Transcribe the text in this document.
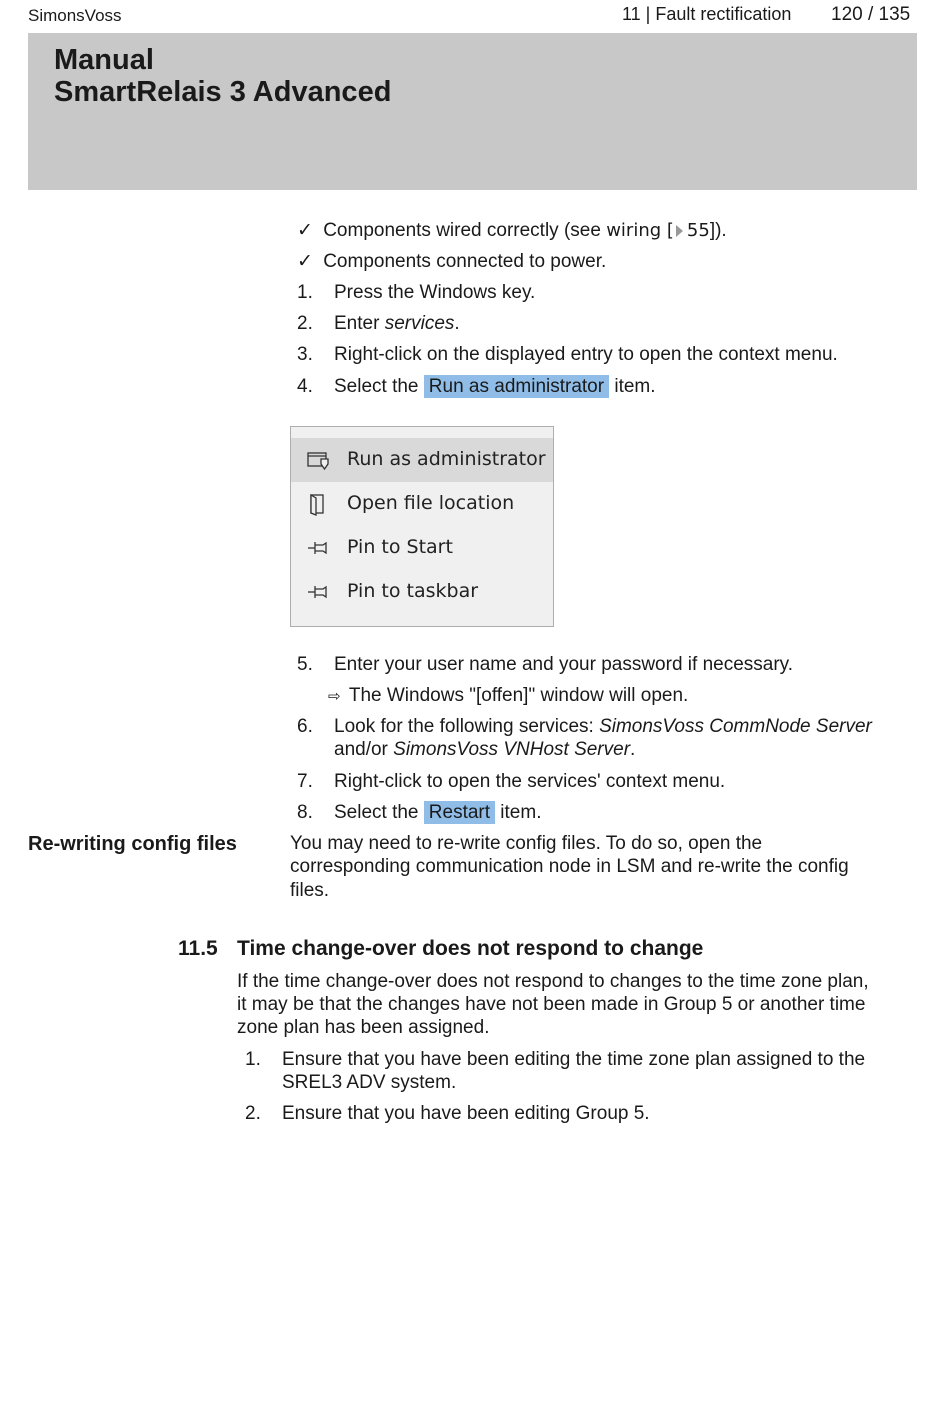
SimonsVoss	11 | Fault rectification 120 / 135
Manual
SmartRelais 3 Advanced
✓ Components wired correctly (see wiring [ 55]).
✓ Components connected to power.
1. Press the Windows key.
2. Enter services.
3. Right-click on the displayed entry to open the context menu.
4. Select the Run as administrator item.
Run as administrator
Open file location
Pin to Start
Pin to taskbar
5. Enter your user name and your password if necessary.
⇨ The Windows "[offen]" window will open.
6. Look for the following services: SimonsVoss CommNode Server
and/or SimonsVoss VNHost Server.
7. Right-click to open the services' context menu.
8. Select the Restart item.
Re-writing config files	You may need to re-write config files. To do so, open the
corresponding communication node in LSM and re-write the config
files.
11.5 Time change-over does not respond to change
If the time change-over does not respond to changes to the time zone plan,
it may be that the changes have not been made in Group 5 or another time
zone plan has been assigned.
1. Ensure that you have been editing the time zone plan assigned to the
SREL3 ADV system.
2. Ensure that you have been editing Group 5.
